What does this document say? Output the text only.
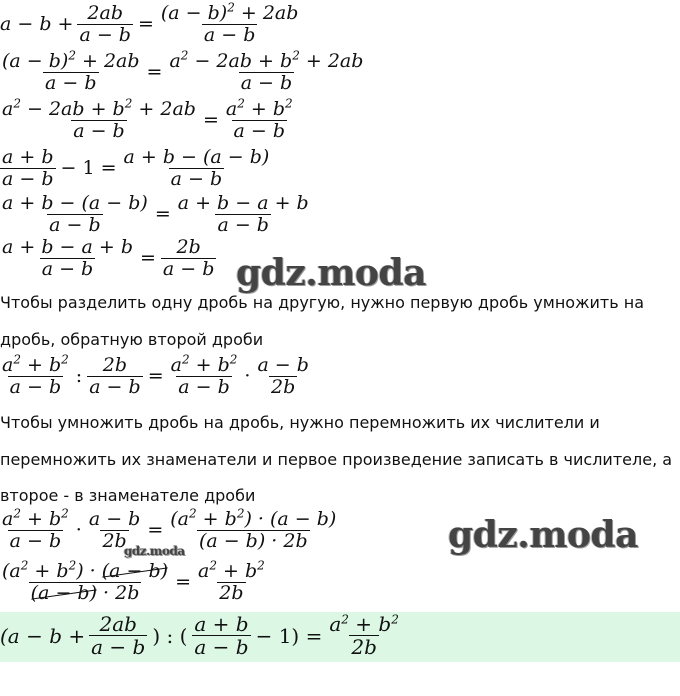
$a - b + \frac{2ab}{a - b} = \frac{(a - b)^2 + 2ab}{a - b}$
$\frac{(a - b)^2 + 2ab}{a - b} = \frac{a^2 - 2ab + b^2 + 2ab}{a - b}$
$\frac{a^2 - 2ab + b^2 + 2ab}{a - b} = \frac{a^2 + b^2}{a - b}$
$\frac{a + b}{a - b} - 1 = \frac{a + b - (a - b)}{a - b}$
$\frac{a + b - (a - b)}{a - b} = \frac{a + b - a + b}{a - b}$
$\frac{a + b - a + b}{a - b} = \frac{2b}{a - b}$ gdz.moda
Чтобы разделить одну дробь на другую, нужно первую дробь умножить на
дробь, обратную второй дроби
$\frac{a^2 + b^2}{a - b}$ : $\frac{2b}{a - b} = \frac{a^2 + b^2}{a - b} \cdot \frac{a - b}{2b}$
Чтобы умножить дробь на дробь, нужно перемножить их числители и
перемножить их знаменатели и первое произведение записать в числителе, а
второе - в знаменателе дроби
$\frac{a^2 + b^2}{a - b} \cdot \frac{a - b}{2b} = \frac{(a^2 + b^2) \cdot (a - b)}{(a - b) \cdot 2b}$	gdz.moda
gdz.moda
$\frac{(a^2 + b^2) \cdot (a - b)}{(a - b) \cdot 2b} = \frac{a^2 + b^2}{2b}$
($a - b + \frac{2ab}{a - b}$ ) : ( $\frac{a + b}{a - b} - 1) = \frac{a^2 + b^2}{2b}$
